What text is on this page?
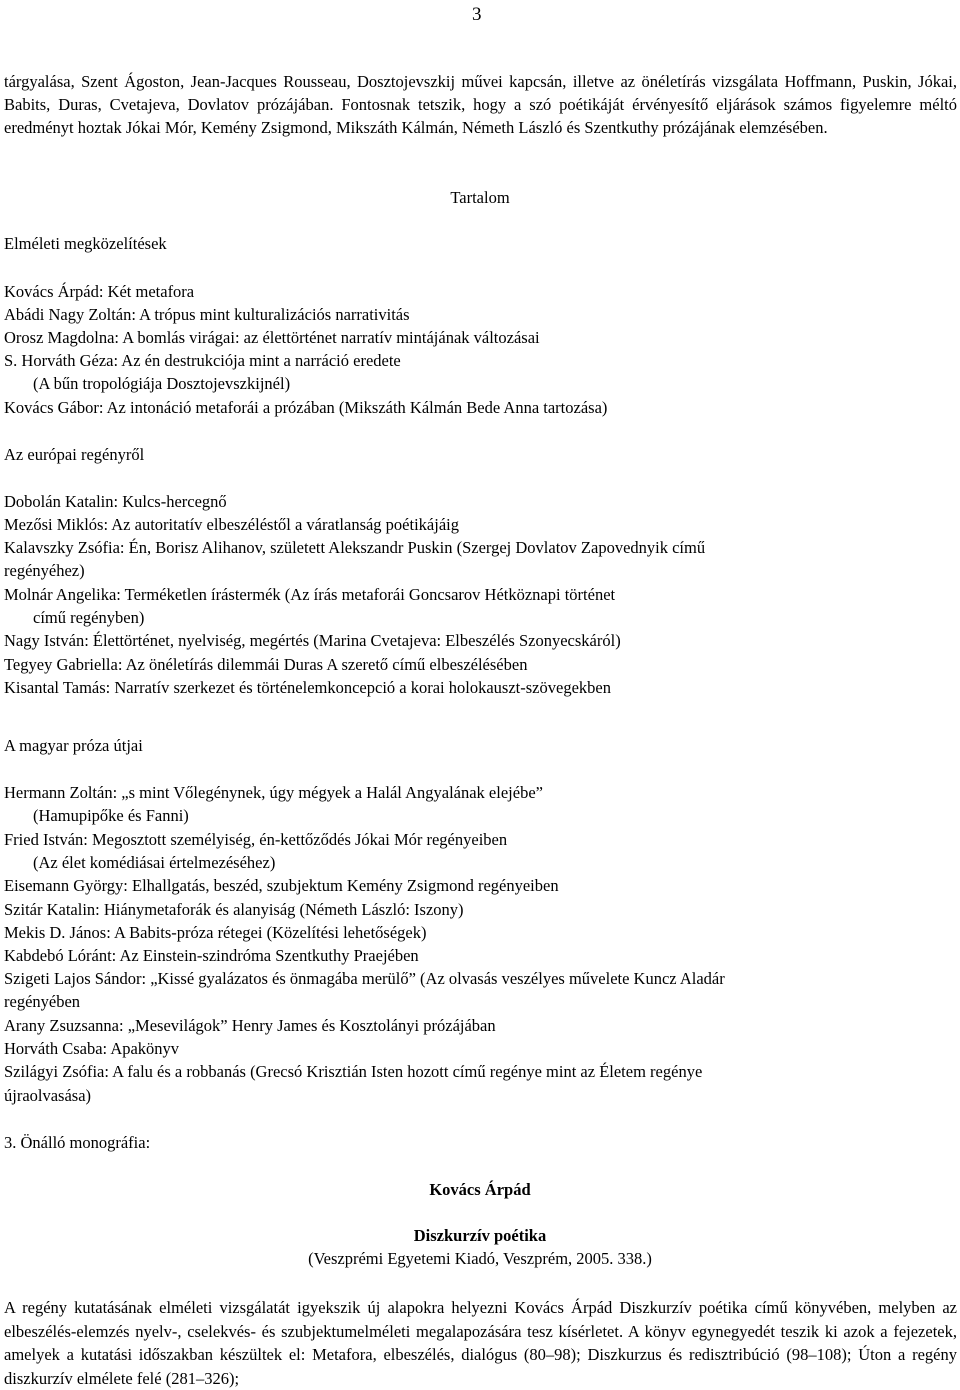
3
tárgyalása, Szent Ágoston, Jean-Jacques Rousseau, Dosztojevszkij művei kapcsán, illetve az önéletírás vizsgálata Hoffmann, Puskin, Jókai, Babits, Duras, Cvetajeva, Dovlatov prózájában. Fontosnak tetszik, hogy a szó poétikáját érvényesítő eljárások számos figyelemre méltó eredményt hoztak Jókai Mór, Kemény Zsigmond, Mikszáth Kálmán, Németh László és Szentkuthy prózájának elemzésében.
Tartalom
Elméleti megközelítések
Kovács Árpád: Két metafora
Abádi Nagy Zoltán: A trópus mint kulturalizációs narrativitás
Orosz Magdolna: A bomlás virágai: az élettörténet narratív mintájának változásai
S. Horváth Géza: Az én destrukciója mint a narráció eredete
(A bűn tropológiája Dosztojevszkijnél)
Kovács Gábor: Az intonáció metaforái a prózában (Mikszáth Kálmán Bede Anna tartozása)
Az európai regényről
Dobolán Katalin: Kulcs-hercegnő
Mezősi Miklós: Az autoritatív elbeszéléstől a váratlanság poétikájáig
Kalavszky Zsófia: Én, Borisz Alihanov, született Alekszandr Puskin (Szergej Dovlatov Zapovednyik című
regényéhez)
Molnár Angelika: Terméketlen írástermék (Az írás metaforái Goncsarov Hétköznapi történet
című regényben)
Nagy István: Élettörténet, nyelviség, megértés (Marina Cvetajeva: Elbeszélés Szonyecskáról)
Tegyey Gabriella: Az önéletírás dilemmái Duras A szerető című elbeszélésében
Kisantal Tamás: Narratív szerkezet és történelemkoncepció a korai holokauszt-szövegekben
A magyar próza útjai
Hermann Zoltán: „s mint Vőlegénynek, úgy mégyek a Halál Angyalának elejébe”
(Hamupipőke és Fanni)
Fried István: Megosztott személyiség, én-kettőződés Jókai Mór regényeiben
(Az élet komédiásai értelmezéséhez)
Eisemann György: Elhallgatás, beszéd, szubjektum Kemény Zsigmond regényeiben
Szitár Katalin: Hiánymetaforák és alanyiság (Németh László: Iszony)
Mekis D. János: A Babits-próza rétegei (Közelítési lehetőségek)
Kabdebó Lóránt: Az Einstein-szindróma Szentkuthy Praejében
Szigeti Lajos Sándor: „Kissé gyalázatos és önmagába merülő” (Az olvasás veszélyes művelete Kuncz Aladár
regényében
Arany Zsuzsanna: „Mesevilágok” Henry James és Kosztolányi prózájában
Horváth Csaba: Apakönyv
Szilágyi Zsófia: A falu és a robbanás (Grecsó Krisztián Isten hozott című regénye mint az Életem regénye
újraolvasása)
3. Önálló monográfia:
Kovács Árpád
Diszkurzív poétika
(Veszprémi Egyetemi Kiadó, Veszprém, 2005. 338.)
A regény kutatásának elméleti vizsgálatát igyekszik új alapokra helyezni Kovács Árpád Diszkurzív poétika című könyvében, melyben az elbeszélés-elemzés nyelv-, cselekvés- és szubjektumelméleti megalapozására tesz kísérletet. A könyv egynegyedét teszik ki azok a fejezetek, amelyek a kutatási időszakban készültek el: Metafora, elbeszélés, dialógus (80–98); Diszkurzus és redisztribúció (98–108); Úton a regény diszkurzív elmélete felé (281–326);
